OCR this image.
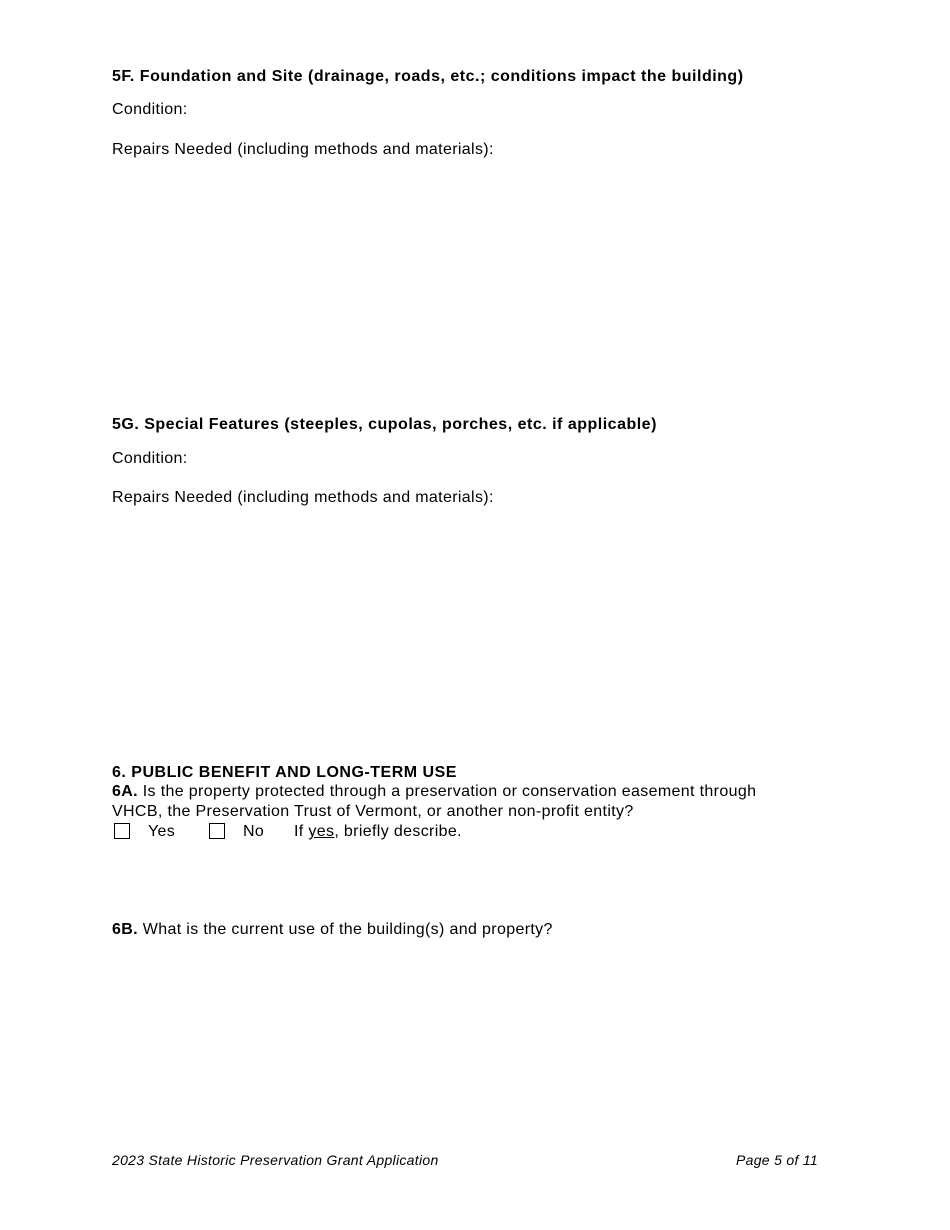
5F. Foundation and Site (drainage, roads, etc.; conditions impact the building)
Condition:
Repairs Needed (including methods and materials):
5G. Special Features (steeples, cupolas, porches, etc. if applicable)
Condition:
Repairs Needed (including methods and materials):
6. PUBLIC BENEFIT AND LONG-TERM USE
6A. Is the property protected through a preservation or conservation easement through
VHCB, the Preservation Trust of Vermont, or another non-profit entity?
Yes	No If yes, briefly describe.
6B. What is the current use of the building(s) and property?
2023 State Historic Preservation Grant Application	Page 5 of 11
